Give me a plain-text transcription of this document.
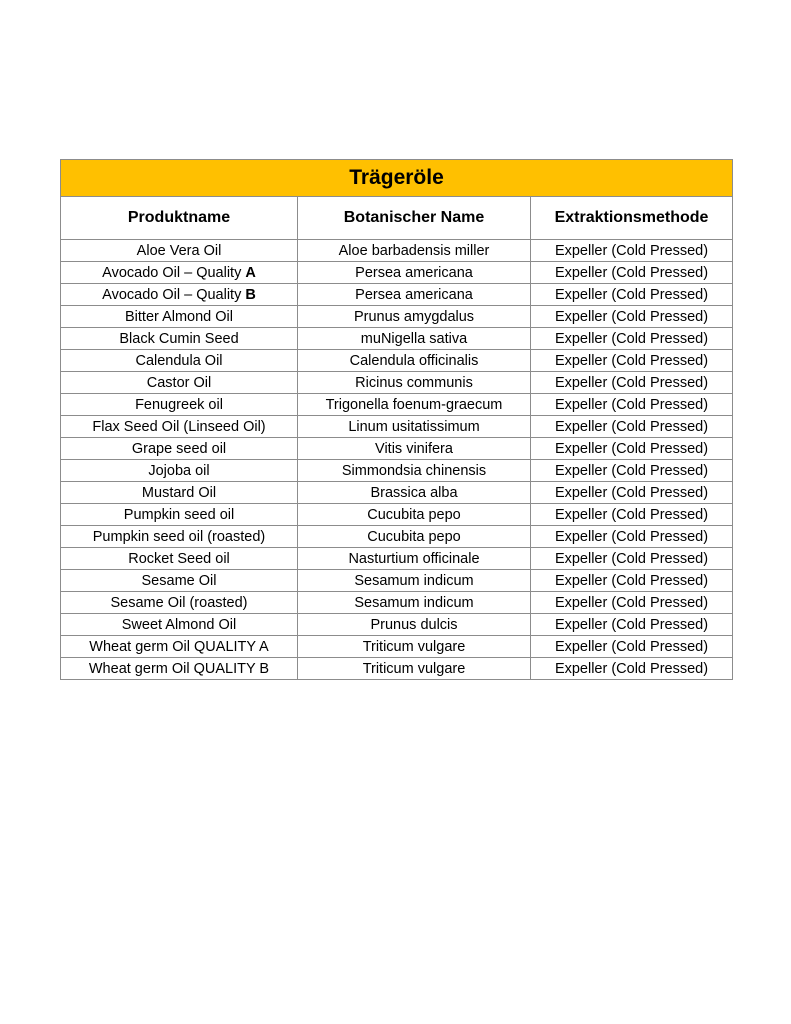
Trägeröle		
Produktname	Botanischer Name	Extraktionsmethode
Aloe Vera Oil	Aloe barbadensis miller	Expeller (Cold Pressed)
Avocado Oil – Quality A	Persea americana	Expeller (Cold Pressed)
Avocado Oil – Quality B	Persea americana	Expeller (Cold Pressed)
Bitter Almond Oil	Prunus amygdalus	Expeller (Cold Pressed)
Black Cumin Seed	muNigella sativa	Expeller (Cold Pressed)
Calendula Oil	Calendula officinalis	Expeller (Cold Pressed)
Castor Oil	Ricinus communis	Expeller (Cold Pressed)
Fenugreek oil	Trigonella foenum-graecum	Expeller (Cold Pressed)
Flax Seed Oil (Linseed Oil)	Linum usitatissimum	Expeller (Cold Pressed)
Grape seed oil	Vitis vinifera	Expeller (Cold Pressed)
Jojoba oil	Simmondsia chinensis	Expeller (Cold Pressed)
Mustard Oil	Brassica alba	Expeller (Cold Pressed)
Pumpkin seed oil	Cucubita pepo	Expeller (Cold Pressed)
Pumpkin seed oil (roasted)	Cucubita pepo	Expeller (Cold Pressed)
Rocket Seed oil	Nasturtium officinale	Expeller (Cold Pressed)
Sesame Oil	Sesamum indicum	Expeller (Cold Pressed)
Sesame Oil (roasted)	Sesamum indicum	Expeller (Cold Pressed)
Sweet Almond Oil	Prunus dulcis	Expeller (Cold Pressed)
Wheat germ Oil QUALITY A	Triticum vulgare	Expeller (Cold Pressed)
Wheat germ Oil QUALITY B	Triticum vulgare	Expeller (Cold Pressed)
